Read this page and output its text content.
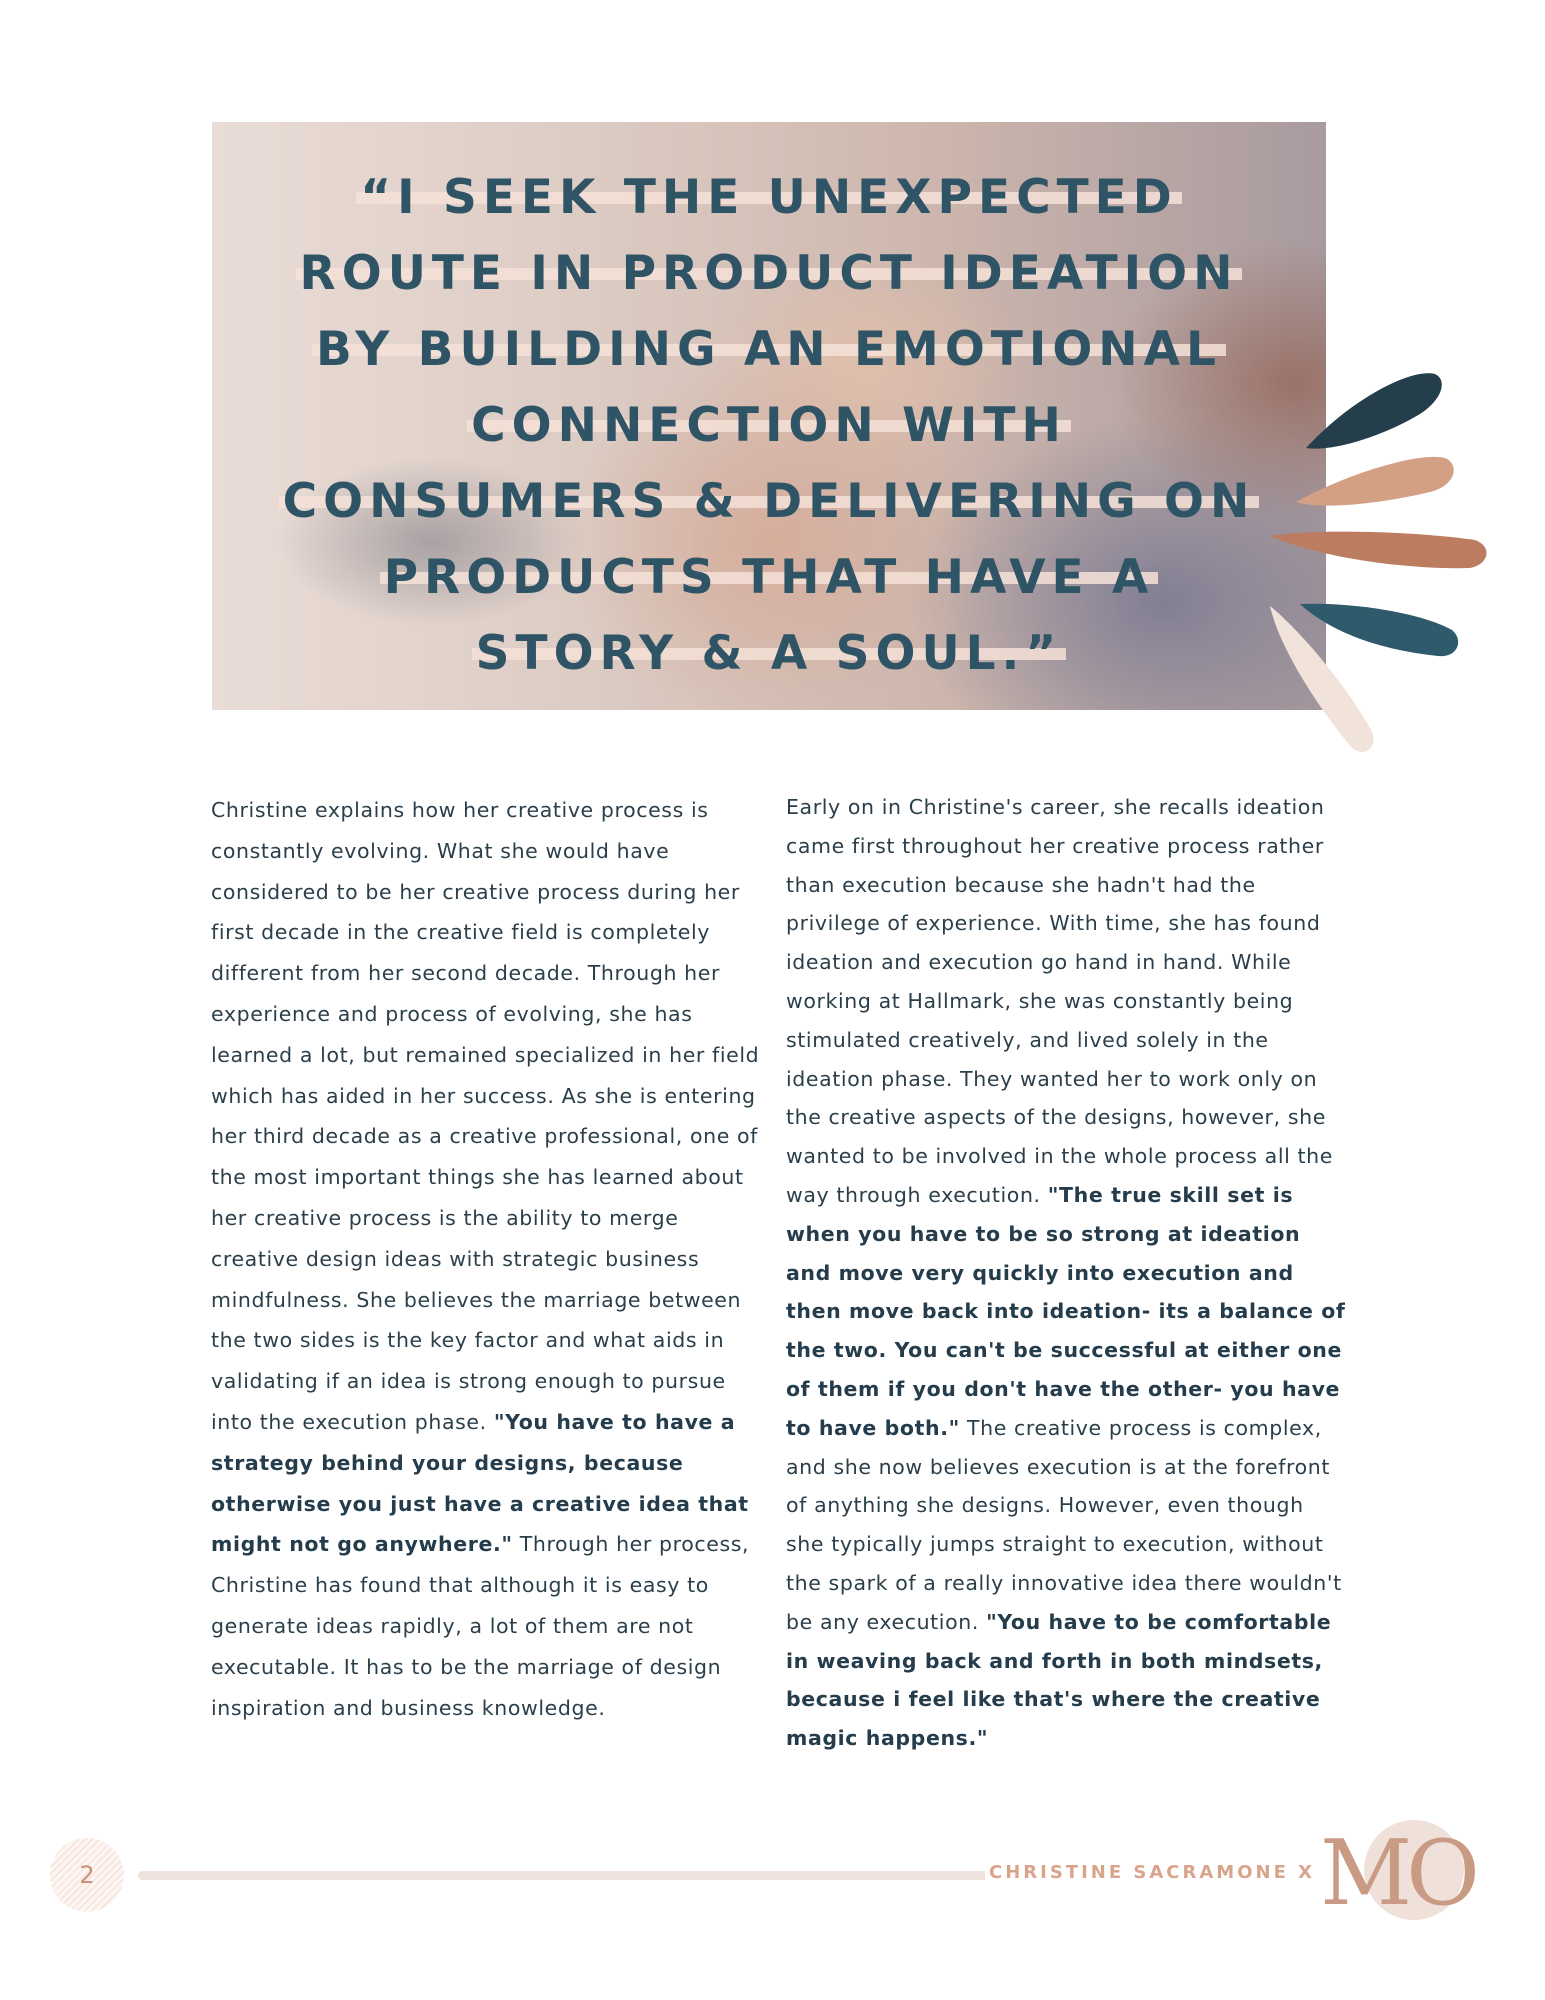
“I SEEK THE UNEXPECTED
ROUTE IN PRODUCT IDEATION
BY BUILDING AN EMOTIONAL
CONNECTION WITH
CONSUMERS & DELIVERING ON
PRODUCTS THAT HAVE A
STORY & A SOUL.”

Christine explains how her creative process is constantly evolving. What she would have considered to be her creative process during her first decade in the creative field is completely different from her second decade. Through her experience and process of evolving, she has learned a lot, but remained specialized in her field which has aided in her success. As she is entering her third decade as a creative professional, one of the most important things she has learned about her creative process is the ability to merge creative design ideas with strategic business mindfulness. She believes the marriage between the two sides is the key factor and what aids in validating if an idea is strong enough to pursue into the execution phase. "You have to have a strategy behind your designs, because otherwise you just have a creative idea that might not go anywhere." Through her process, Christine has found that although it is easy to generate ideas rapidly, a lot of them are not executable. It has to be the marriage of design inspiration and business knowledge.

Early on in Christine's career, she recalls ideation came first throughout her creative process rather than execution because she hadn't had the privilege of experience. With time, she has found ideation and execution go hand in hand. While working at Hallmark, she was constantly being stimulated creatively, and lived solely in the ideation phase. They wanted her to work only on the creative aspects of the designs, however, she wanted to be involved in the whole process all the way through execution. "The true skill set is when you have to be so strong at ideation and move very quickly into execution and then move back into ideation- its a balance of the two. You can't be successful at either one of them if you don't have the other- you have to have both." The creative process is complex, and she now believes execution is at the forefront of anything she designs. However, even though she typically jumps straight to execution, without the spark of a really innovative idea there wouldn't be any execution. "You have to be comfortable in weaving back and forth in both mindsets, because i feel like that's where the creative magic happens."

2	CHRISTINE SACRAMONE X MO
